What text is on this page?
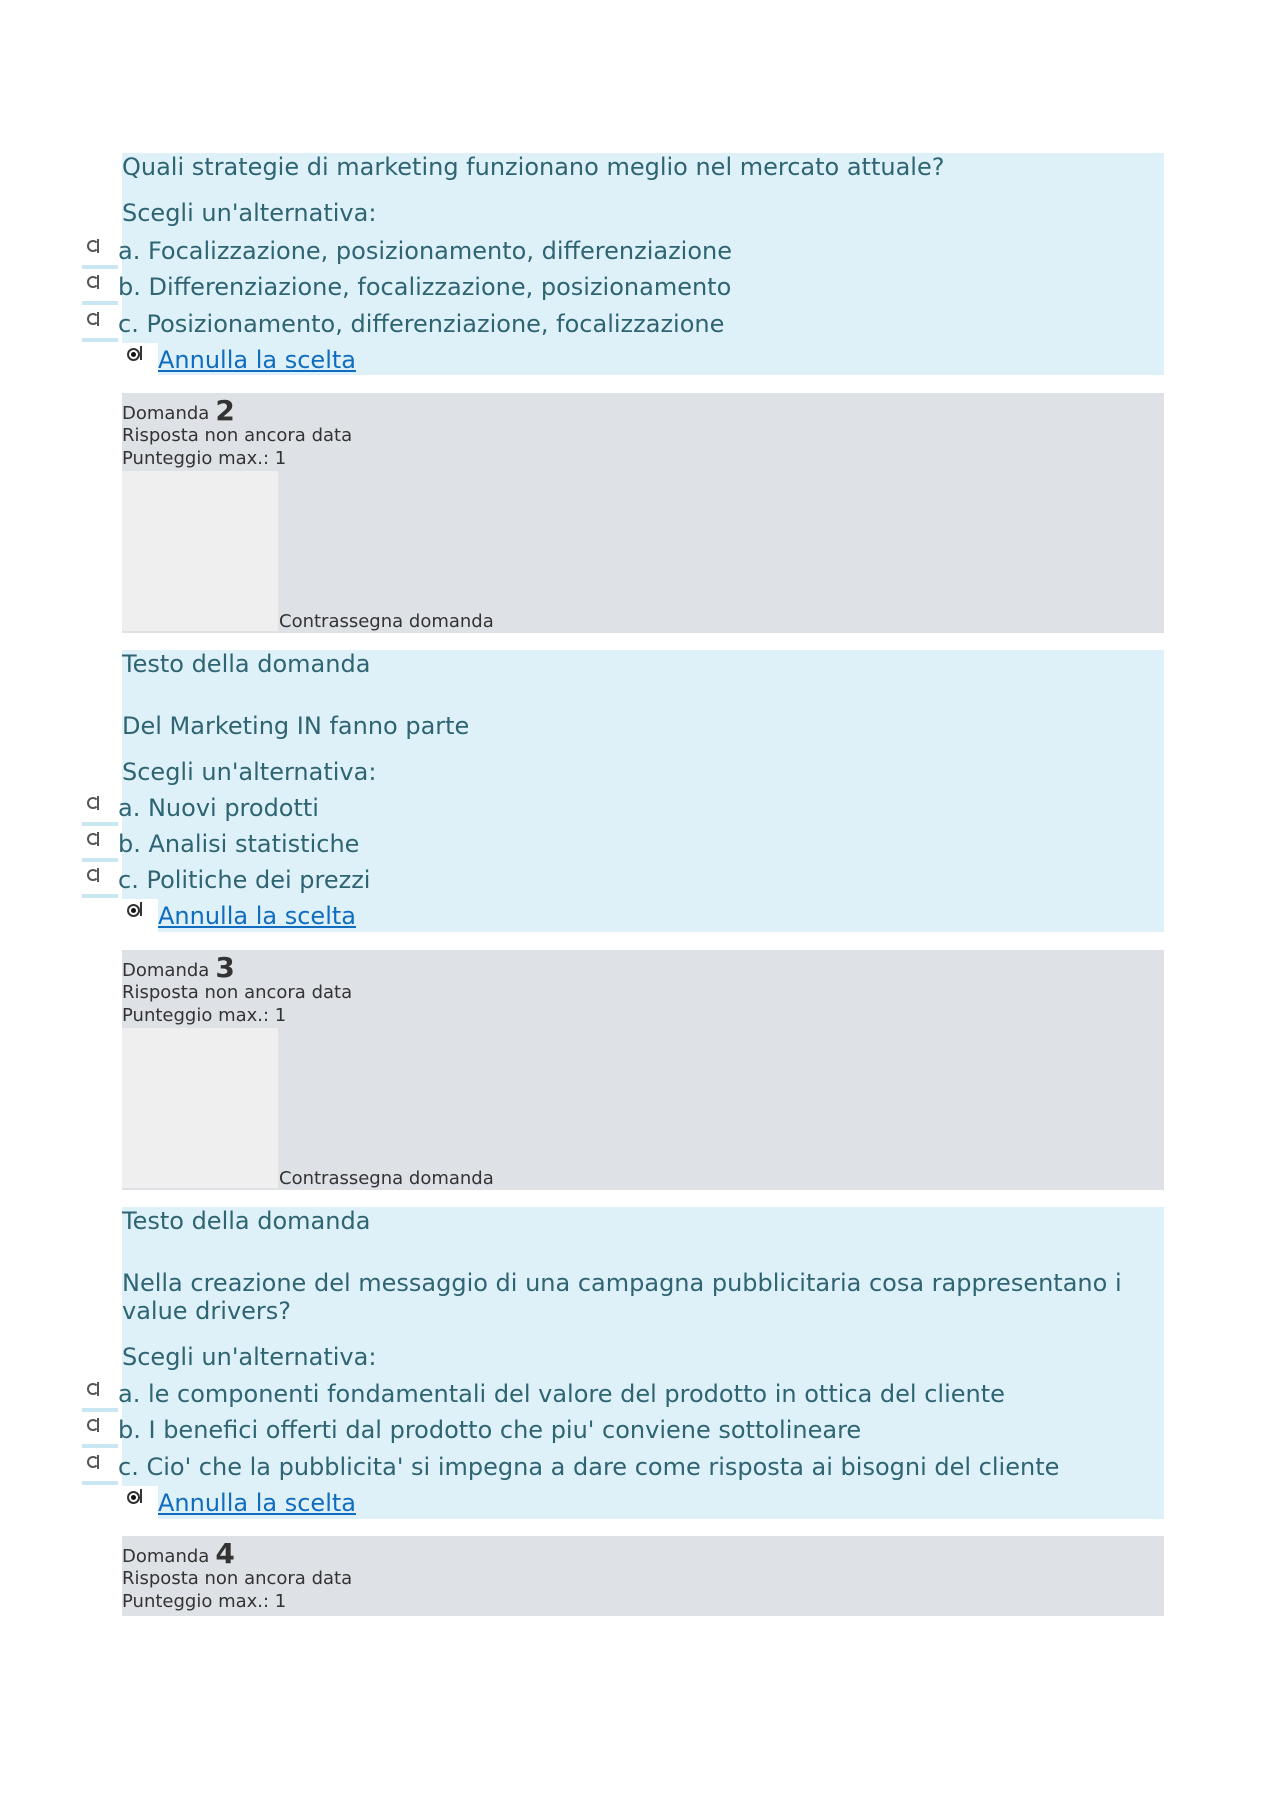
Quali strategie di marketing funzionano meglio nel mercato attuale?
Scegli un'alternativa:
a. Focalizzazione, posizionamento, differenziazione
b. Differenziazione, focalizzazione, posizionamento
c. Posizionamento, differenziazione, focalizzazione
Annulla la scelta
Domanda 2
Risposta non ancora data
Punteggio max.: 1
Contrassegna domanda
Testo della domanda
Del Marketing IN fanno parte
Scegli un'alternativa:
a. Nuovi prodotti
b. Analisi statistiche
c. Politiche dei prezzi
Annulla la scelta
Domanda 3
Risposta non ancora data
Punteggio max.: 1
Contrassegna domanda
Testo della domanda
Nella creazione del messaggio di una campagna pubblicitaria cosa rappresentano i value drivers?
Scegli un'alternativa:
a. le componenti fondamentali del valore del prodotto in ottica del cliente
b. I benefici offerti dal prodotto che piu' conviene sottolineare
c. Cio' che la pubblicita' si impegna a dare come risposta ai bisogni del cliente
Annulla la scelta
Domanda 4
Risposta non ancora data
Punteggio max.: 1
